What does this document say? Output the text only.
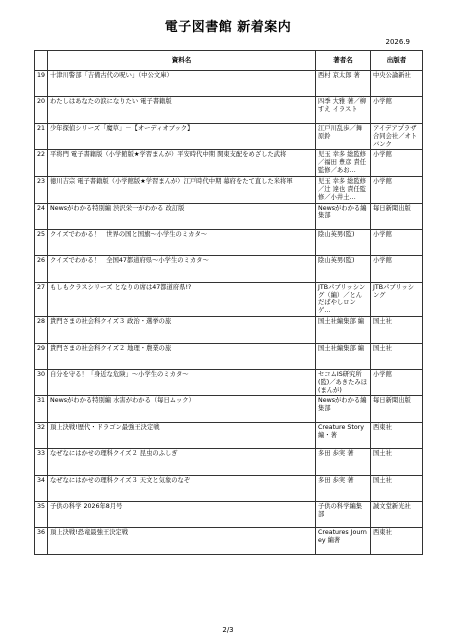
電子図書館 新着案内
2026.9
	資料名	著者名	出版者
19	十津川警部「吉備古代の呪い」（中公文庫）	西村 京太郎 著	中央公論新社
20	わたしはあなたの涙になりたい 電子書籍版	四季 大雅 著／柳すえ イラスト	小学館
21	少年探偵シリーズ「魔草」－【オーディオブック】	江戸川乱歩／舞原鈴	アイデアプラザ合同会社／オトバンク
22	平将門 電子書籍版（小学館版★学習まんが）平安時代中期 関東支配をめざした武将	児玉 幸多 総監修／福田 豊彦 責任監修／あお…	小学館
23	徳川吉宗 電子書籍版（小学館版★学習まんが）江戸時代中期 幕府をたて直した米将軍	児玉 幸多 総監修／辻 達也 責任監修／小井土…	小学館
24	Newsがわかる特別編 渋沢栄一がわかる 改訂版	Newsがわかる編集部	毎日新聞出版
25	クイズでわかる！　世界の国と国旗～小学生のミカタ～	陰山英男(監)	小学館
26	クイズでわかる！　全国47都道府県～小学生のミカタ～	陰山英男(監)	小学館
27	もしもクラスシリーズ となりの席は47都道府県!?	JTBパブリッシング（編）／とんだばやしロンゲ…	JTBパブリッシング
28	貴門さまの社会科クイズ３ 政治・選挙の旅	国土社編集部 編	国土社
29	貴門さまの社会科クイズ２ 地理・農業の旅	国土社編集部 編	国土社
30	自分を守る！「身近な危険」～小学生のミカタ～	セコムIS研究所(監)／あきたみほ(まんが)	小学館
31	Newsがわかる特別編 水害がわかる（毎日ムック）	Newsがわかる編集部	毎日新聞出版
32	頂上決戦!歴代・ドラゴン最強王決定戦	Creature Story 編・著	西東社
33	なぜなにはかせの理科クイズ２ 昆虫のふしぎ	多田 歩実 著	国土社
34	なぜなにはかせの理科クイズ３ 天文と気象のなぞ	多田 歩実 著	国土社
35	子供の科学 2026年8月号	子供の科学編集部	誠文堂新光社
36	頂上決戦!恐竜最強王決定戦	Creatures Journey 編著	西東社
2/3
